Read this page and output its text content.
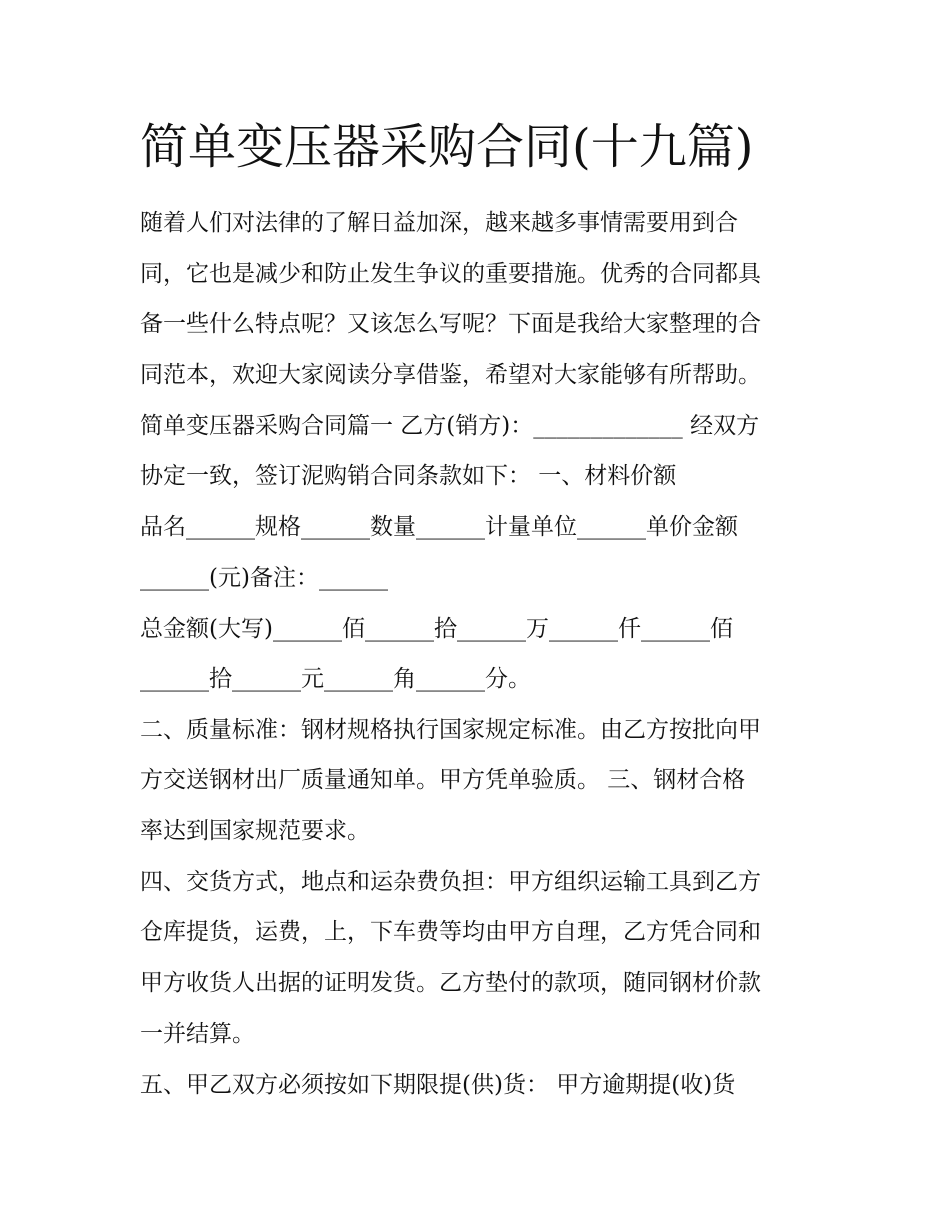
简单变压器采购合同(十九篇)
随着人们对法律的了解日益加深，越来越多事情需要用到合
同，它也是减少和防止发生争议的重要措施。优秀的合同都具
备一些什么特点呢？又该怎么写呢？下面是我给大家整理的合
同范本，欢迎大家阅读分享借鉴，希望对大家能够有所帮助。
简单变压器采购合同篇一 乙方(销方)：_____________ 经双方
协定一致，签订泥购销合同条款如下： 一、材料价额
品名______规格______数量______计量单位______单价金额
______(元)备注：______
总金额(大写)______佰______拾______万______仟______佰
______拾______元______角______分。
二、质量标准：钢材规格执行国家规定标准。由乙方按批向甲
方交送钢材出厂质量通知单。甲方凭单验质。 三、钢材合格
率达到国家规范要求。
四、交货方式，地点和运杂费负担：甲方组织运输工具到乙方
仓库提货，运费，上，下车费等均由甲方自理，乙方凭合同和
甲方收货人出据的证明发货。乙方垫付的款项，随同钢材价款
一并结算。
五、甲乙双方必须按如下期限提(供)货： 甲方逾期提(收)货
